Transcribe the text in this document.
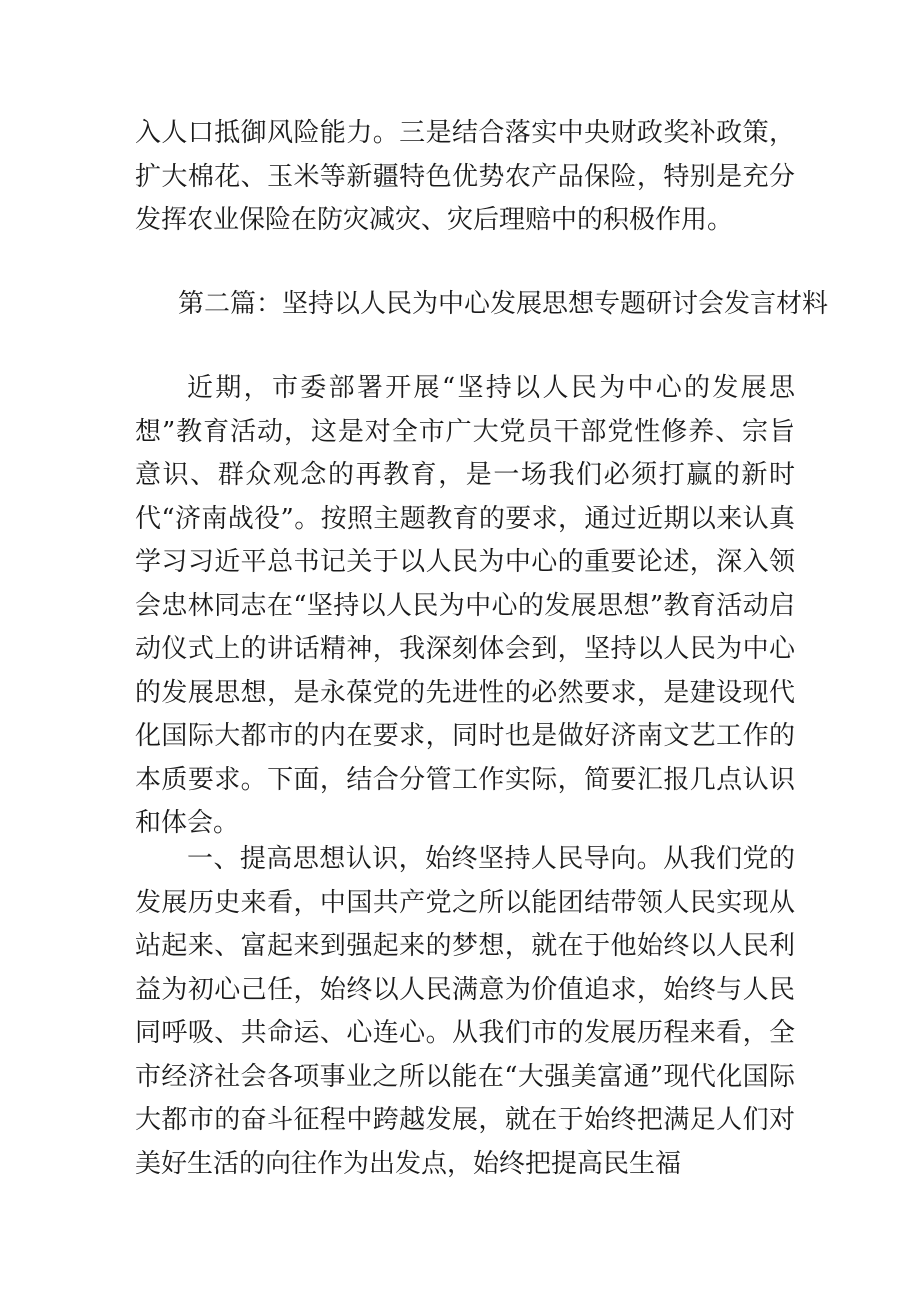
入人口抵御风险能力。三是结合落实中央财政奖补政策，扩大棉花、玉米等新疆特色优势农产品保险，特别是充分发挥农业保险在防灾减灾、灾后理赔中的积极作用。

第二篇：坚持以人民为中心发展思想专题研讨会发言材料

近期，市委部署开展“坚持以人民为中心的发展思想”教育活动，这是对全市广大党员干部党性修养、宗旨意识、群众观念的再教育，是一场我们必须打赢的新时代“济南战役”。按照主题教育的要求，通过近期以来认真学习习近平总书记关于以人民为中心的重要论述，深入领会忠林同志在“坚持以人民为中心的发展思想”教育活动启动仪式上的讲话精神，我深刻体会到，坚持以人民为中心的发展思想，是永葆党的先进性的必然要求，是建设现代化国际大都市的内在要求，同时也是做好济南文艺工作的本质要求。下面，结合分管工作实际，简要汇报几点认识和体会。

一、提高思想认识，始终坚持人民导向。从我们党的发展历史来看，中国共产党之所以能团结带领人民实现从站起来、富起来到强起来的梦想，就在于他始终以人民利益为初心己任，始终以人民满意为价值追求，始终与人民同呼吸、共命运、心连心。从我们市的发展历程来看，全市经济社会各项事业之所以能在“大强美富通”现代化国际大都市的奋斗征程中跨越发展，就在于始终把满足人们对美好生活的向往作为出发点，始终把提高民生福
